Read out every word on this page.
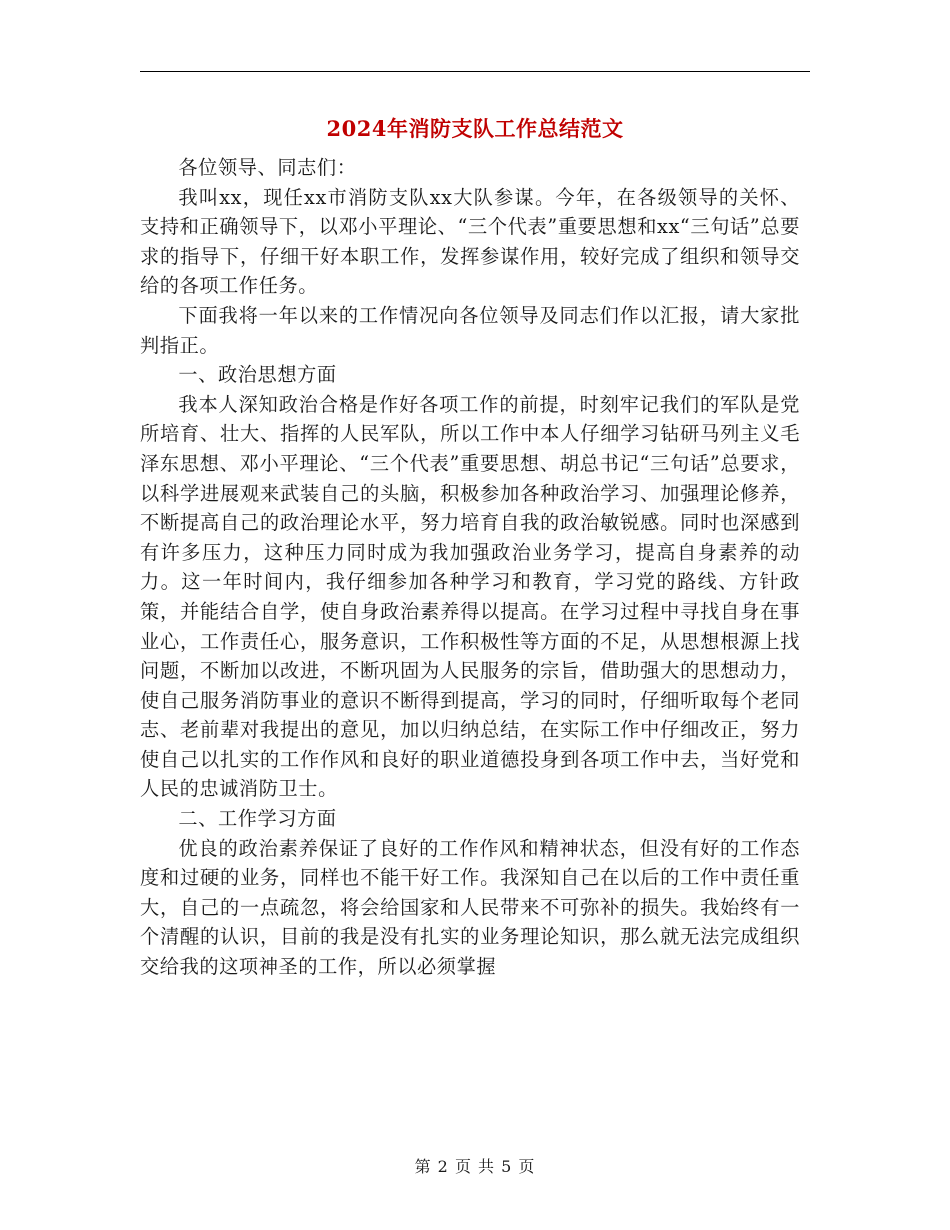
2024年消防支队工作总结范文

各位领导、同志们：

我叫xx，现任xx市消防支队xx大队参谋。今年，在各级领导的关怀、支持和正确领导下，以邓小平理论、“三个代表”重要思想和xx“三句话”总要求的指导下，仔细干好本职工作，发挥参谋作用，较好完成了组织和领导交给的各项工作任务。

下面我将一年以来的工作情况向各位领导及同志们作以汇报，请大家批判指正。

一、政治思想方面

我本人深知政治合格是作好各项工作的前提，时刻牢记我们的军队是党所培育、壮大、指挥的人民军队，所以工作中本人仔细学习钻研马列主义毛泽东思想、邓小平理论、“三个代表”重要思想、胡总书记“三句话”总要求，以科学进展观来武装自己的头脑，积极参加各种政治学习、加强理论修养，不断提高自己的政治理论水平，努力培育自我的政治敏锐感。同时也深感到有许多压力，这种压力同时成为我加强政治业务学习，提高自身素养的动力。这一年时间内，我仔细参加各种学习和教育，学习党的路线、方针政策，并能结合自学，使自身政治素养得以提高。在学习过程中寻找自身在事业心，工作责任心，服务意识，工作积极性等方面的不足，从思想根源上找问题，不断加以改进，不断巩固为人民服务的宗旨，借助强大的思想动力，使自己服务消防事业的意识不断得到提高，学习的同时，仔细听取每个老同志、老前辈对我提出的意见，加以归纳总结，在实际工作中仔细改正，努力使自己以扎实的工作作风和良好的职业道德投身到各项工作中去，当好党和人民的忠诚消防卫士。

二、工作学习方面

优良的政治素养保证了良好的工作作风和精神状态，但没有好的工作态度和过硬的业务，同样也不能干好工作。我深知自己在以后的工作中责任重大，自己的一点疏忽，将会给国家和人民带来不可弥补的损失。我始终有一个清醒的认识，目前的我是没有扎实的业务理论知识，那么就无法完成组织交给我的这项神圣的工作，所以必须掌握

第 2 页 共 5 页
